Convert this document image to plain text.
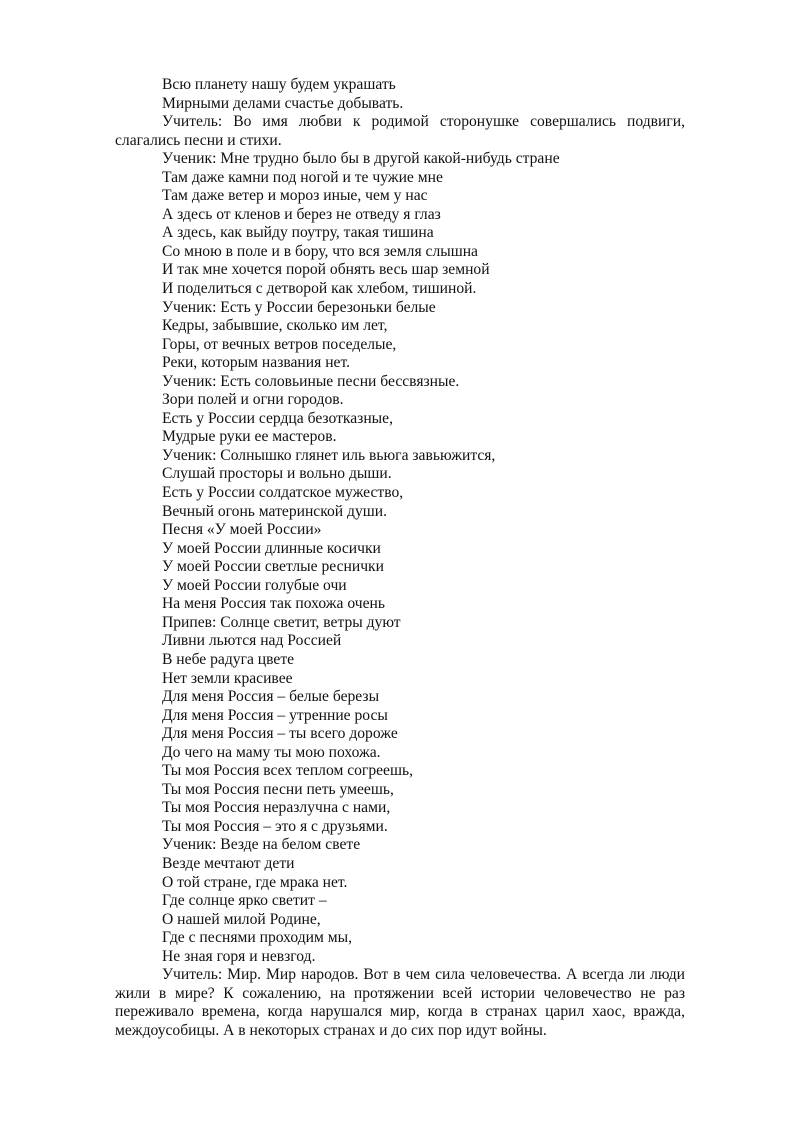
Всю планету нашу будем украшать
Мирными делами счастье добывать.
Учитель: Во имя любви к родимой сторонушке совершались подвиги, слагались песни и стихи.
Ученик: Мне трудно было бы в другой какой-нибудь стране
Там даже камни под ногой и те чужие мне
Там даже ветер и мороз иные, чем у нас
А здесь от кленов и берез не отведу я глаз
А здесь, как выйду поутру, такая тишина
Со мною в поле и в бору, что вся земля слышна
И так мне хочется порой обнять весь шар земной
И поделиться с детворой как хлебом, тишиной.
Ученик: Есть у России березоньки белые
Кедры, забывшие, сколько им лет,
Горы, от вечных ветров поседелые,
Реки, которым названия нет.
Ученик: Есть соловьиные песни бессвязные.
Зори полей и огни городов.
Есть у России сердца безотказные,
Мудрые руки ее мастеров.
Ученик: Солнышко глянет иль вьюга завьюжится,
Слушай просторы и вольно дыши.
Есть у России солдатское мужество,
Вечный огонь материнской души.
Песня «У моей России»
У моей России длинные косички
У моей России светлые реснички
У моей России голубые очи
На меня Россия так похожа очень
Припев: Солнце светит, ветры дуют
Ливни льются над Россией
В небе радуга цвете
Нет земли красивее
Для меня Россия – белые березы
Для меня Россия – утренние росы
Для меня Россия – ты всего дороже
До чего на маму ты мою похожа.
Ты моя Россия всех теплом согреешь,
Ты моя Россия песни петь умеешь,
Ты моя Россия неразлучна с нами,
Ты моя Россия – это я с друзьями.
Ученик: Везде на белом свете
Везде мечтают дети
О той стране, где мрака нет.
Где солнце ярко светит –
О нашей милой Родине,
Где с песнями проходим мы,
Не зная горя и невзгод.
Учитель: Мир. Мир народов. Вот в чем сила человечества. А всегда ли люди жили в мире? К сожалению, на протяжении всей истории человечество не раз переживало времена, когда нарушался мир, когда в странах царил хаос, вражда, междоусобицы. А в некоторых странах и до сих пор идут войны.
